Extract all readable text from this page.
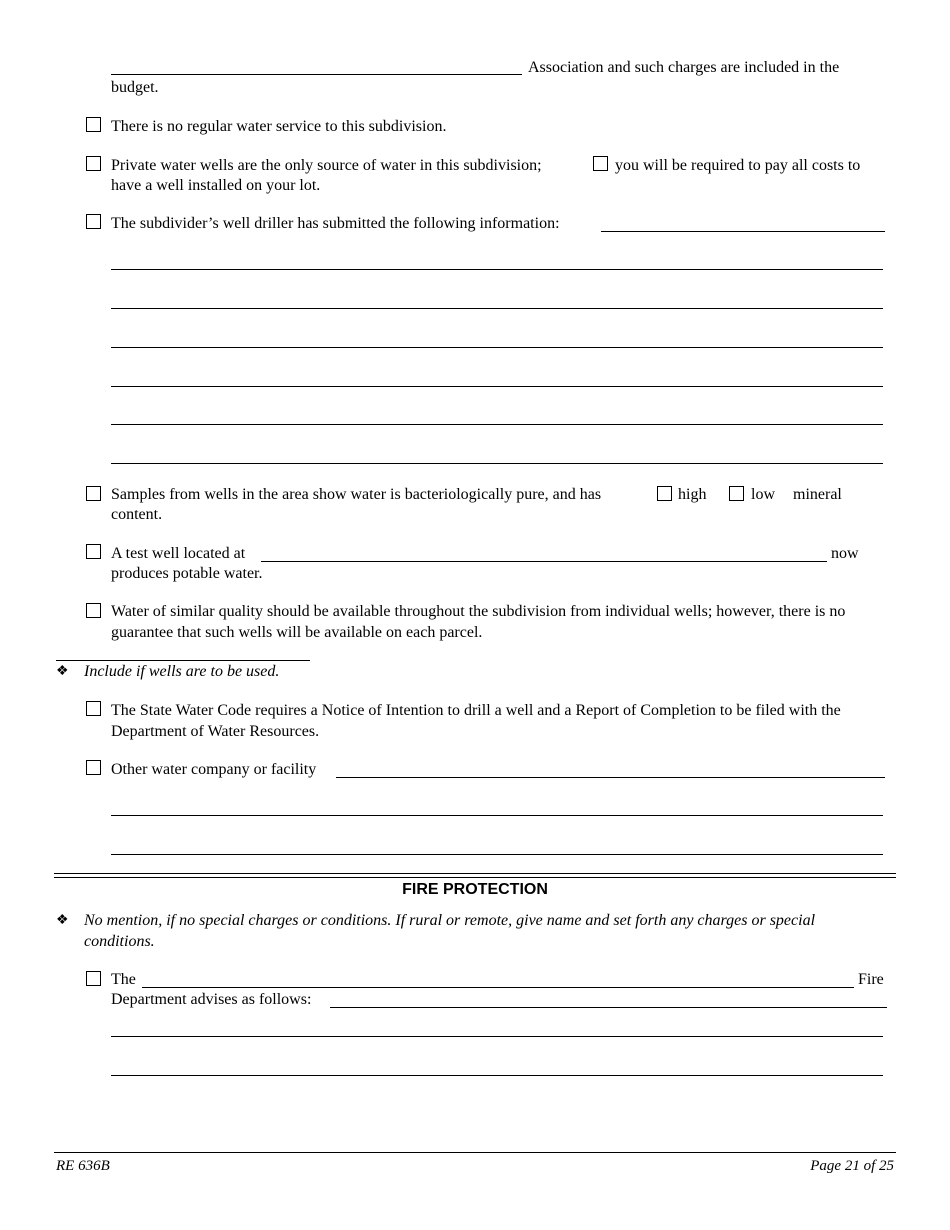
Association and such charges are included in the
budget.
There is no regular water service to this subdivision.
Private water wells are the only source of water in this subdivision;	you will be required to pay all costs to
have a well installed on your lot.
The subdivider’s well driller has submitted the following information:
Samples from wells in the area show water is bacteriologically pure, and has	high	low mineral
content.
A test well located at	now
produces potable water.
Water of similar quality should be available throughout the subdivision from individual wells; however, there is no guarantee that such wells will be available on each parcel.
❖ Include if wells are to be used.
The State Water Code requires a Notice of Intention to drill a well and a Report of Completion to be filed with the Department of Water Resources.
Other water company or facility
FIRE PROTECTION
❖ No mention, if no special charges or conditions. If rural or remote, give name and set forth any charges or special conditions.
The	Fire
Department advises as follows:
RE 636B	Page 21 of 25
